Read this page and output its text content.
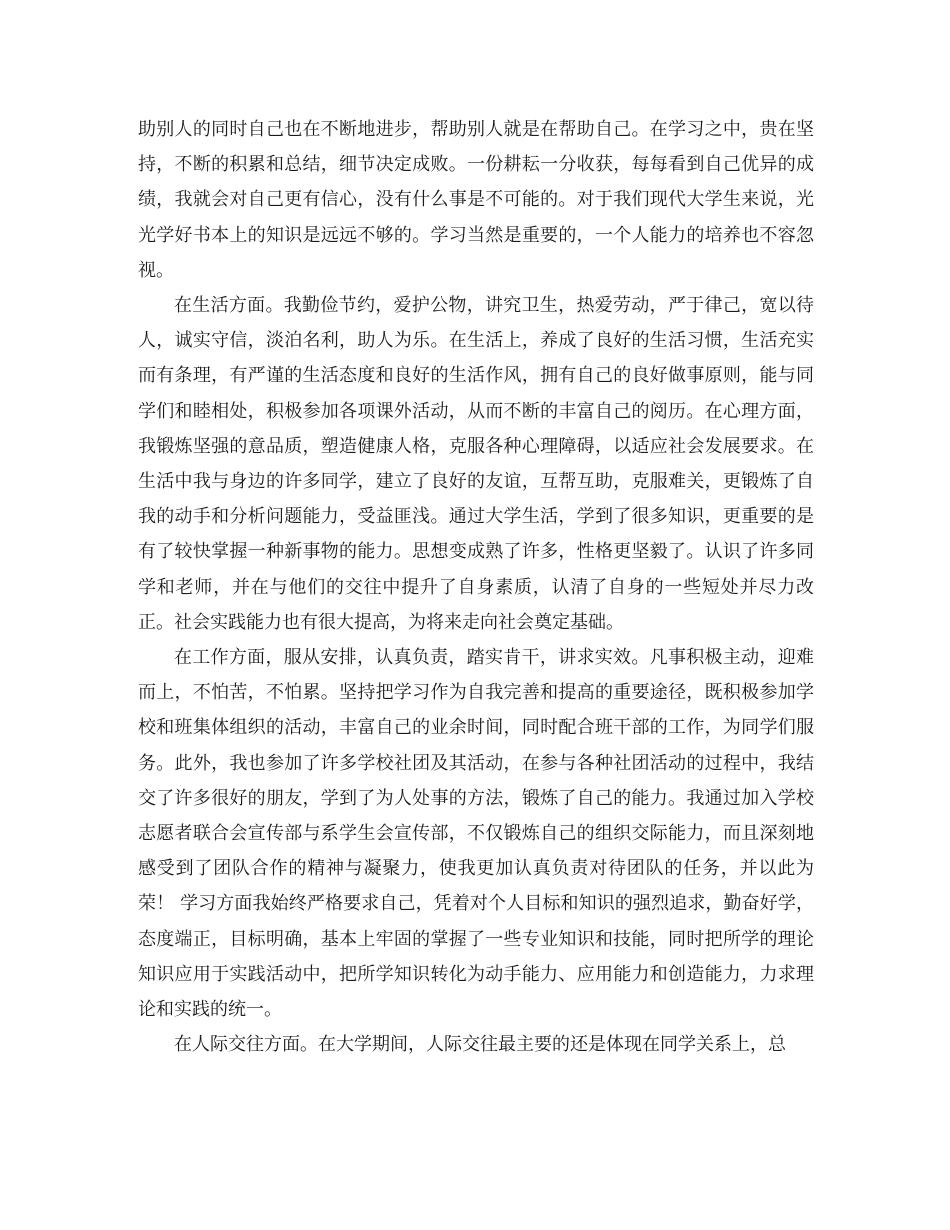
助别人的同时自己也在不断地进步，帮助别人就是在帮助自己。在学习之中，贵在坚持，不断的积累和总结，细节决定成败。一份耕耘一分收获，每每看到自己优异的成绩，我就会对自己更有信心，没有什么事是不可能的。对于我们现代大学生来说，光光学好书本上的知识是远远不够的。学习当然是重要的，一个人能力的培养也不容忽视。

在生活方面。我勤俭节约，爱护公物，讲究卫生，热爱劳动，严于律己，宽以待人，诚实守信，淡泊名利，助人为乐。在生活上，养成了良好的生活习惯，生活充实而有条理，有严谨的生活态度和良好的生活作风，拥有自己的良好做事原则，能与同学们和睦相处，积极参加各项课外活动，从而不断的丰富自己的阅历。在心理方面，我锻炼坚强的意品质，塑造健康人格，克服各种心理障碍，以适应社会发展要求。在生活中我与身边的许多同学，建立了良好的友谊，互帮互助，克服难关，更锻炼了自我的动手和分析问题能力，受益匪浅。通过大学生活，学到了很多知识，更重要的是有了较快掌握一种新事物的能力。思想变成熟了许多，性格更坚毅了。认识了许多同学和老师，并在与他们的交往中提升了自身素质，认清了自身的一些短处并尽力改正。社会实践能力也有很大提高，为将来走向社会奠定基础。

在工作方面，服从安排，认真负责，踏实肯干，讲求实效。凡事积极主动，迎难而上，不怕苦，不怕累。坚持把学习作为自我完善和提高的重要途径，既积极参加学校和班集体组织的活动，丰富自己的业余时间，同时配合班干部的工作，为同学们服务。此外，我也参加了许多学校社团及其活动，在参与各种社团活动的过程中，我结交了许多很好的朋友，学到了为人处事的方法，锻炼了自己的能力。我通过加入学校志愿者联合会宣传部与系学生会宣传部，不仅锻炼自己的组织交际能力，而且深刻地感受到了团队合作的精神与凝聚力，使我更加认真负责对待团队的任务，并以此为荣！ 学习方面我始终严格要求自己，凭着对个人目标和知识的强烈追求，勤奋好学，态度端正，目标明确，基本上牢固的掌握了一些专业知识和技能，同时把所学的理论知识应用于实践活动中，把所学知识转化为动手能力、应用能力和创造能力，力求理论和实践的统一。

在人际交往方面。在大学期间，人际交往最主要的还是体现在同学关系上，总
